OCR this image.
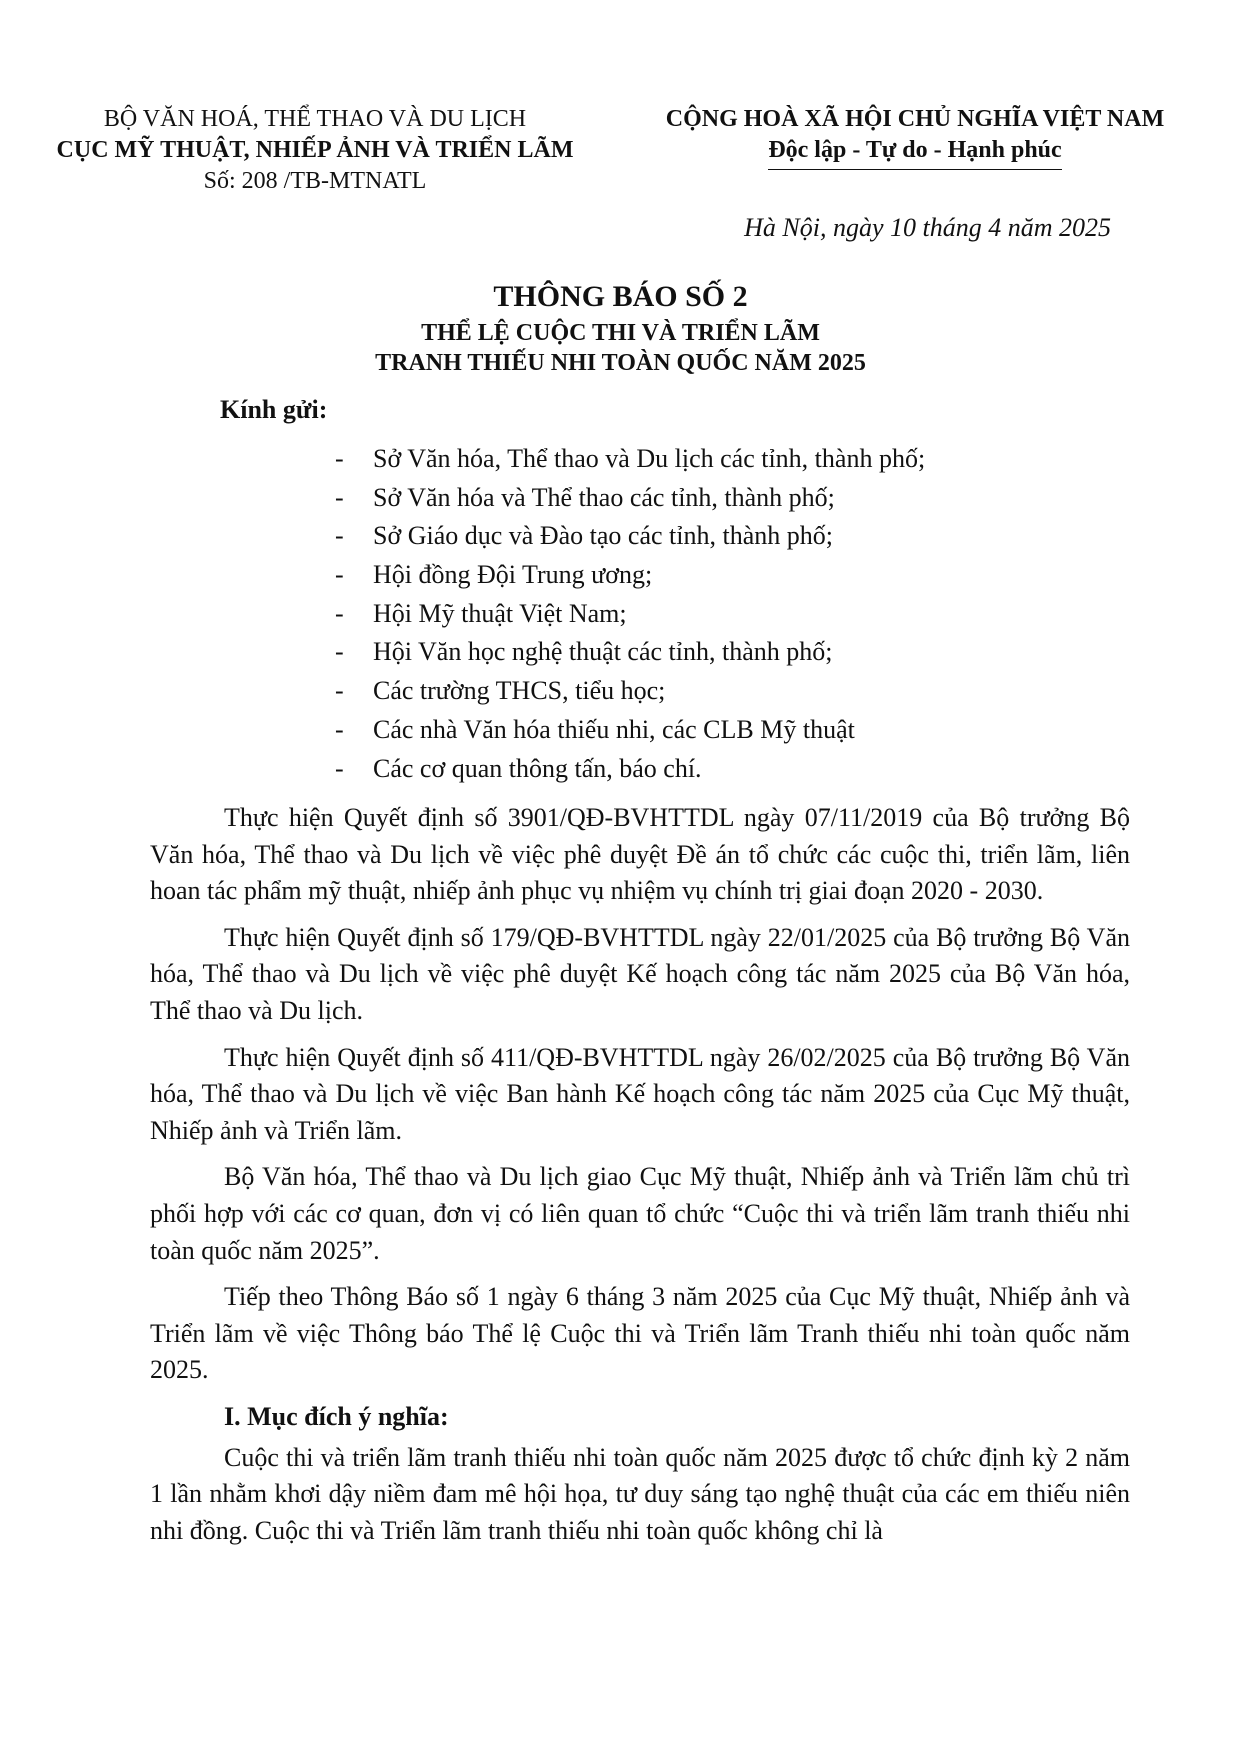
BỘ VĂN HOÁ, THỂ THAO VÀ DU LỊCH
CỤC MỸ THUẬT, NHIẾP ẢNH VÀ TRIỂN LÃM
Số: 208 /TB-MTNATL
CỘNG HOÀ XÃ HỘI CHỦ NGHĨA VIỆT NAM
Độc lập - Tự do - Hạnh phúc
Hà Nội, ngày 10 tháng 4 năm 2025
THÔNG BÁO SỐ 2
THỂ LỆ CUỘC THI VÀ TRIỂN LÃM
TRANH THIẾU NHI TOÀN QUỐC NĂM 2025
Kính gửi:
- Sở Văn hóa, Thể thao và Du lịch các tỉnh, thành phố;
- Sở Văn hóa và Thể thao các tỉnh, thành phố;
- Sở Giáo dục và Đào tạo các tỉnh, thành phố;
- Hội đồng Đội Trung ương;
- Hội Mỹ thuật Việt Nam;
- Hội Văn học nghệ thuật các tỉnh, thành phố;
- Các trường THCS, tiểu học;
- Các nhà Văn hóa thiếu nhi, các CLB Mỹ thuật
- Các cơ quan thông tấn, báo chí.

Thực hiện Quyết định số 3901/QĐ-BVHTTDL ngày 07/11/2019 của Bộ trưởng Bộ Văn hóa, Thể thao và Du lịch về việc phê duyệt Đề án tổ chức các cuộc thi, triển lãm, liên hoan tác phẩm mỹ thuật, nhiếp ảnh phục vụ nhiệm vụ chính trị giai đoạn 2020 - 2030.

Thực hiện Quyết định số 179/QĐ-BVHTTDL ngày 22/01/2025 của Bộ trưởng Bộ Văn hóa, Thể thao và Du lịch về việc phê duyệt Kế hoạch công tác năm 2025 của Bộ Văn hóa, Thể thao và Du lịch.

Thực hiện Quyết định số 411/QĐ-BVHTTDL ngày 26/02/2025 của Bộ trưởng Bộ Văn hóa, Thể thao và Du lịch về việc Ban hành Kế hoạch công tác năm 2025 của Cục Mỹ thuật, Nhiếp ảnh và Triển lãm.

Bộ Văn hóa, Thể thao và Du lịch giao Cục Mỹ thuật, Nhiếp ảnh và Triển lãm chủ trì phối hợp với các cơ quan, đơn vị có liên quan tổ chức “Cuộc thi và triển lãm tranh thiếu nhi toàn quốc năm 2025”.

Tiếp theo Thông Báo số 1 ngày 6 tháng 3 năm 2025 của Cục Mỹ thuật, Nhiếp ảnh và Triển lãm về việc Thông báo Thể lệ Cuộc thi và Triển lãm Tranh thiếu nhi toàn quốc năm 2025.

I. Mục đích ý nghĩa:

Cuộc thi và triển lãm tranh thiếu nhi toàn quốc năm 2025 được tổ chức định kỳ 2 năm 1 lần nhằm khơi dậy niềm đam mê hội họa, tư duy sáng tạo nghệ thuật của các em thiếu niên nhi đồng. Cuộc thi và Triển lãm tranh thiếu nhi toàn quốc không chỉ là
